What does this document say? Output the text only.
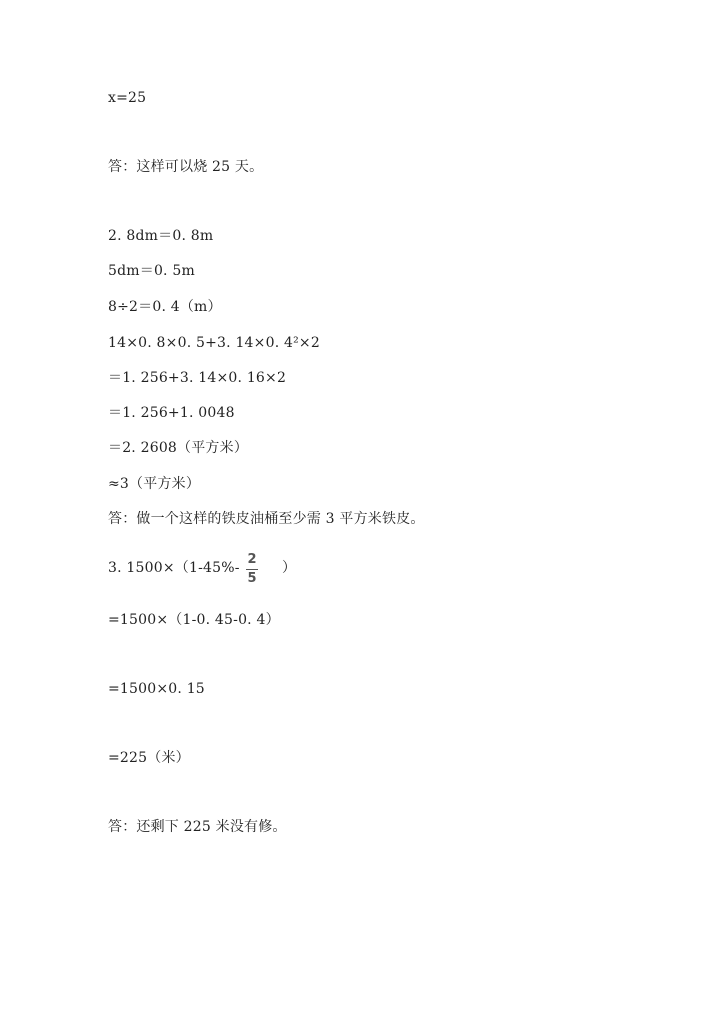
x=25
答：这样可以烧 25 天。
2. 8dm＝0. 8m
5dm＝0. 5m
8÷2＝0. 4（m）
14×0. 8×0. 5+3. 14×0. 4²×2
＝1. 256+3. 14×0. 16×2
＝1. 256+1. 0048
＝2. 2608（平方米）
≈3（平方米）
答：做一个这样的铁皮油桶至少需 3 平方米铁皮。
3. 1500×（1-45%-
2
5
）
=1500×（1-0. 45-0. 4）
=1500×0. 15
=225（米）
答：还剩下 225 米没有修。
